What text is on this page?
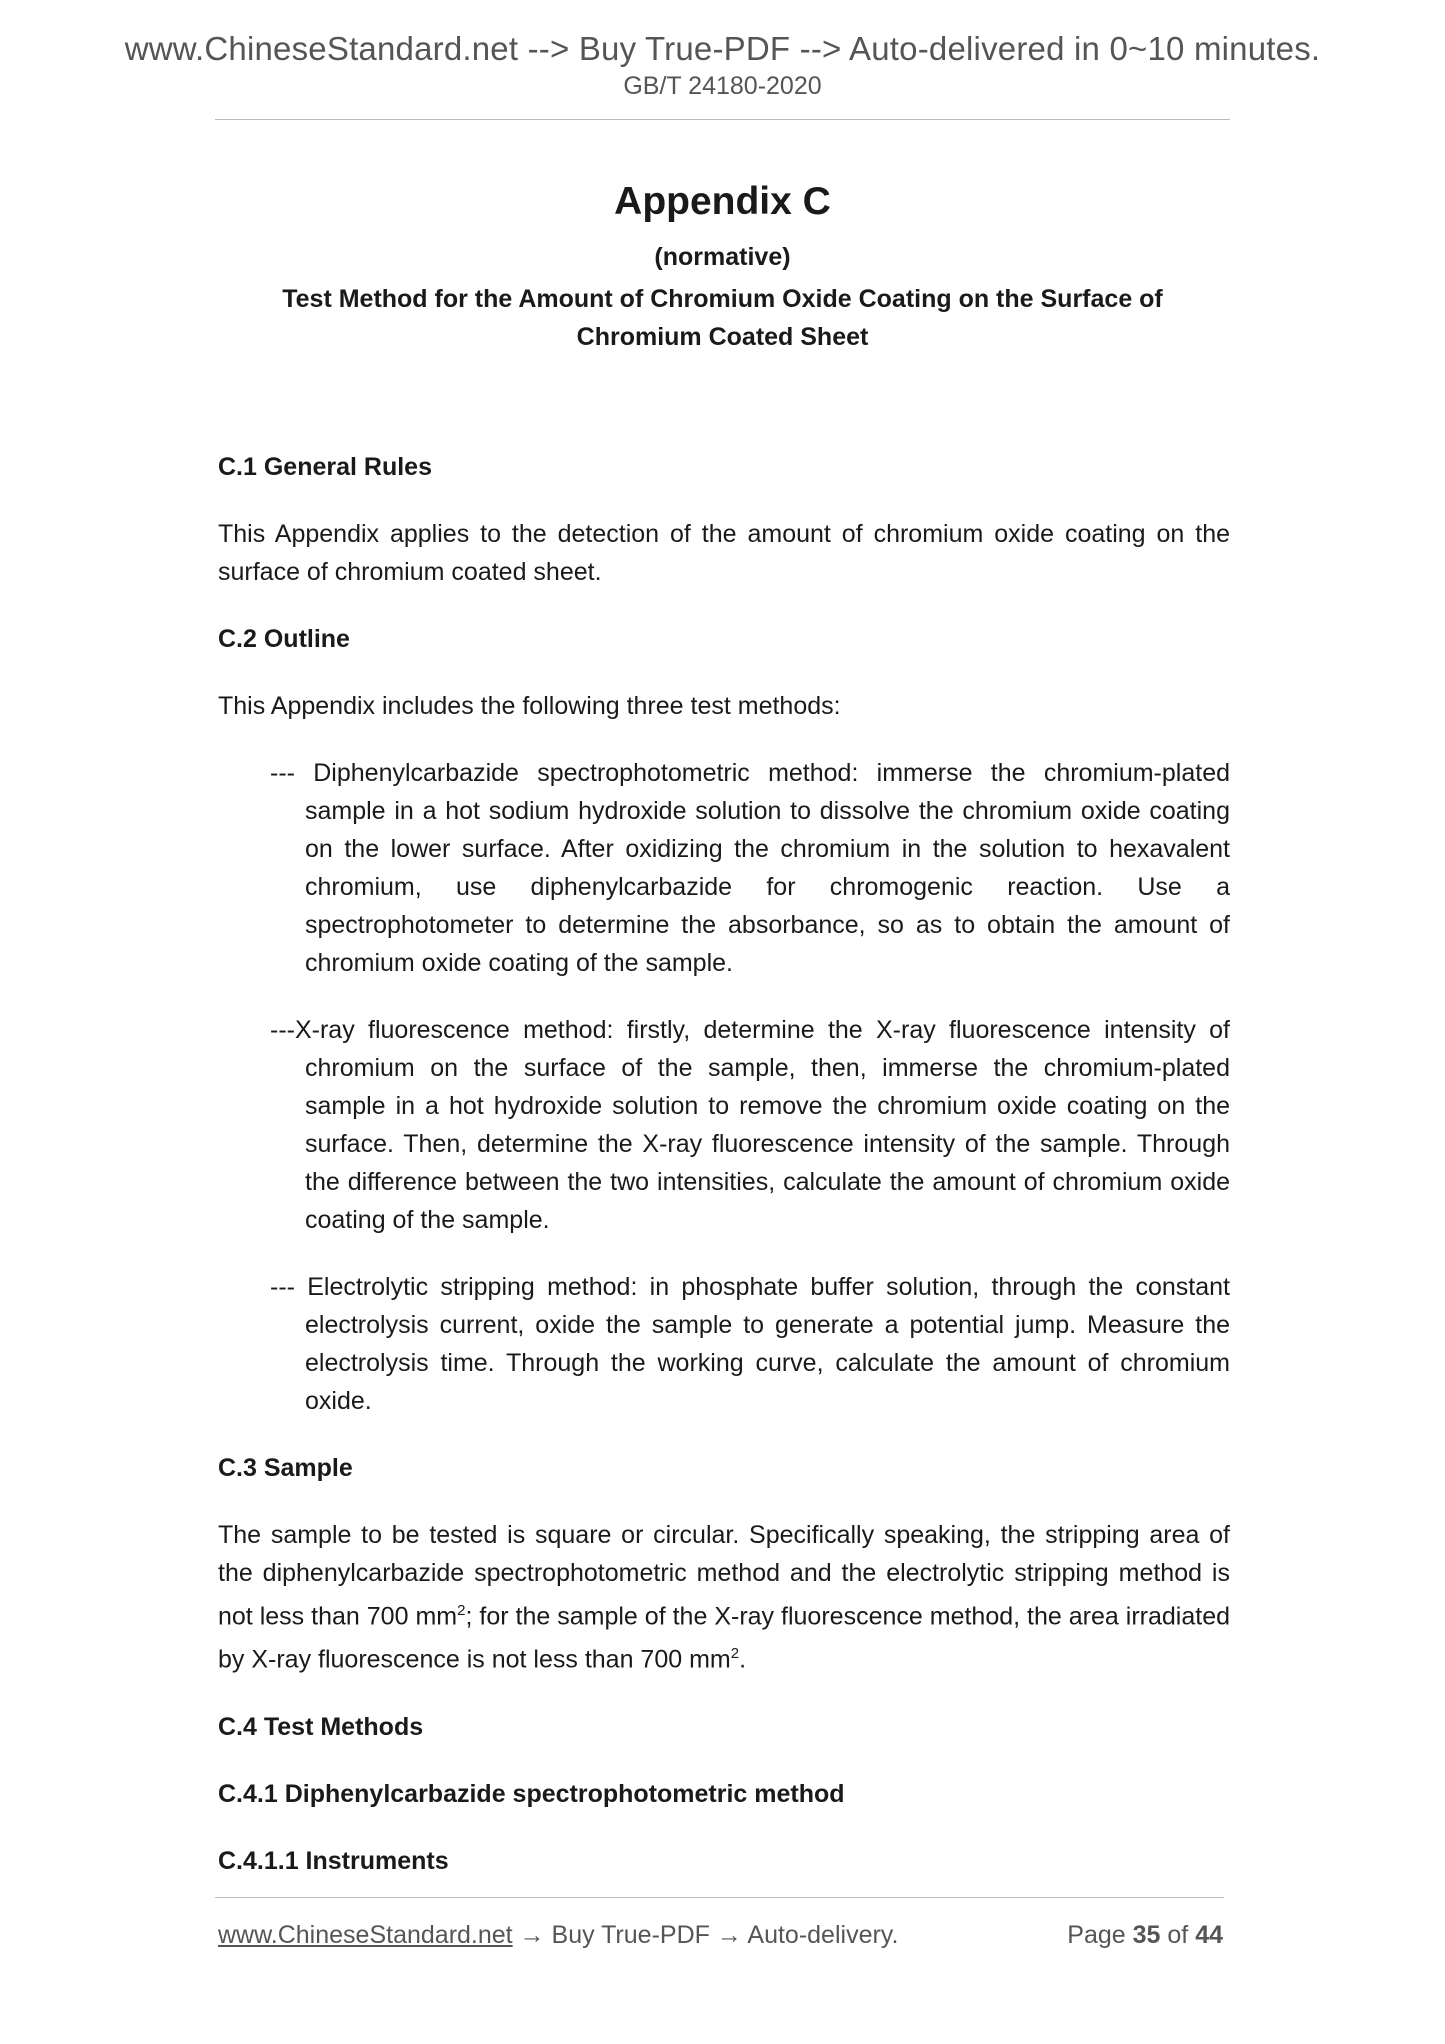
www.ChineseStandard.net --> Buy True-PDF --> Auto-delivered in 0~10 minutes.
GB/T 24180-2020
Appendix C
(normative)
Test Method for the Amount of Chromium Oxide Coating on the Surface of
Chromium Coated Sheet

C.1 General Rules

This Appendix applies to the detection of the amount of chromium oxide coating on the surface of chromium coated sheet.

C.2 Outline

This Appendix includes the following three test methods:

--- Diphenylcarbazide spectrophotometric method: immerse the chromium-plated sample in a hot sodium hydroxide solution to dissolve the chromium oxide coating on the lower surface. After oxidizing the chromium in the solution to hexavalent chromium, use diphenylcarbazide for chromogenic reaction. Use a spectrophotometer to determine the absorbance, so as to obtain the amount of chromium oxide coating of the sample.

---X-ray fluorescence method: firstly, determine the X-ray fluorescence intensity of chromium on the surface of the sample, then, immerse the chromium-plated sample in a hot hydroxide solution to remove the chromium oxide coating on the surface. Then, determine the X-ray fluorescence intensity of the sample. Through the difference between the two intensities, calculate the amount of chromium oxide coating of the sample.

--- Electrolytic stripping method: in phosphate buffer solution, through the constant electrolysis current, oxide the sample to generate a potential jump. Measure the electrolysis time. Through the working curve, calculate the amount of chromium oxide.

C.3 Sample

The sample to be tested is square or circular. Specifically speaking, the stripping area of the diphenylcarbazide spectrophotometric method and the electrolytic stripping method is not less than 700 $mm^2$; for the sample of the X-ray fluorescence method, the area irradiated by X-ray fluorescence is not less than 700 $mm^2$.

C.4 Test Methods

C.4.1 Diphenylcarbazide spectrophotometric method

C.4.1.1 Instruments

www.ChineseStandard.net → Buy True-PDF → Auto-delivery.	Page 35 of 44
